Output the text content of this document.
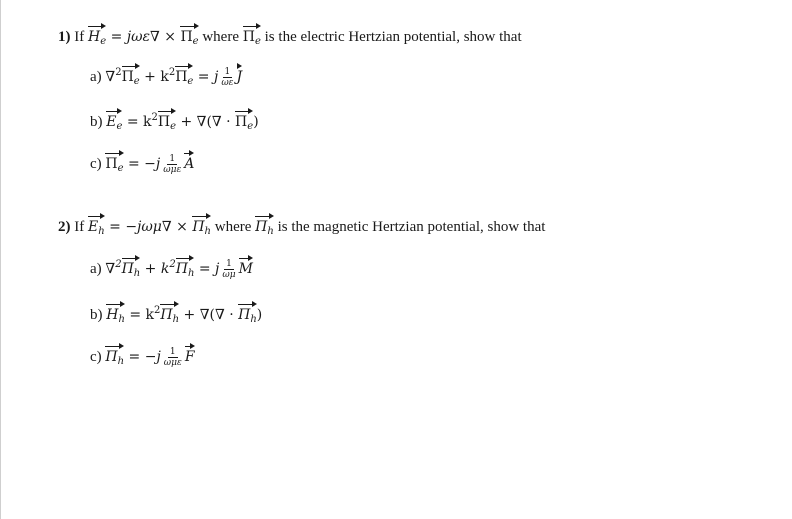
1) If $H_e = j\omega\varepsilon\nabla \times \Pi_e$ where $\Pi_e$ is the electric Hertzian potential, show that
a) $\nabla^2\Pi_e + k^2\Pi_e = j \frac{1}{\omega\varepsilon}$ J
b) $E_e = k^2\Pi_e$ + ∇(∇ · $\Pi_e$)
c) $\Pi_e = -j \frac{1}{\text{ωμε}}$ A
2) If $E_h = -j\omega\mu\nabla \times \Pi_h$ where $\Pi_h$ is the magnetic Hertzian potential, show that
a) $\nabla^2\Pi_h + k^2\Pi_h = j \frac{1}{\omega\mu}$ M
b) $H_h = k^2\Pi_h$ + ∇(∇ · $\Pi_h$)
c) $\Pi_h = -j \frac{1}{\text{ωμε}}$ F
